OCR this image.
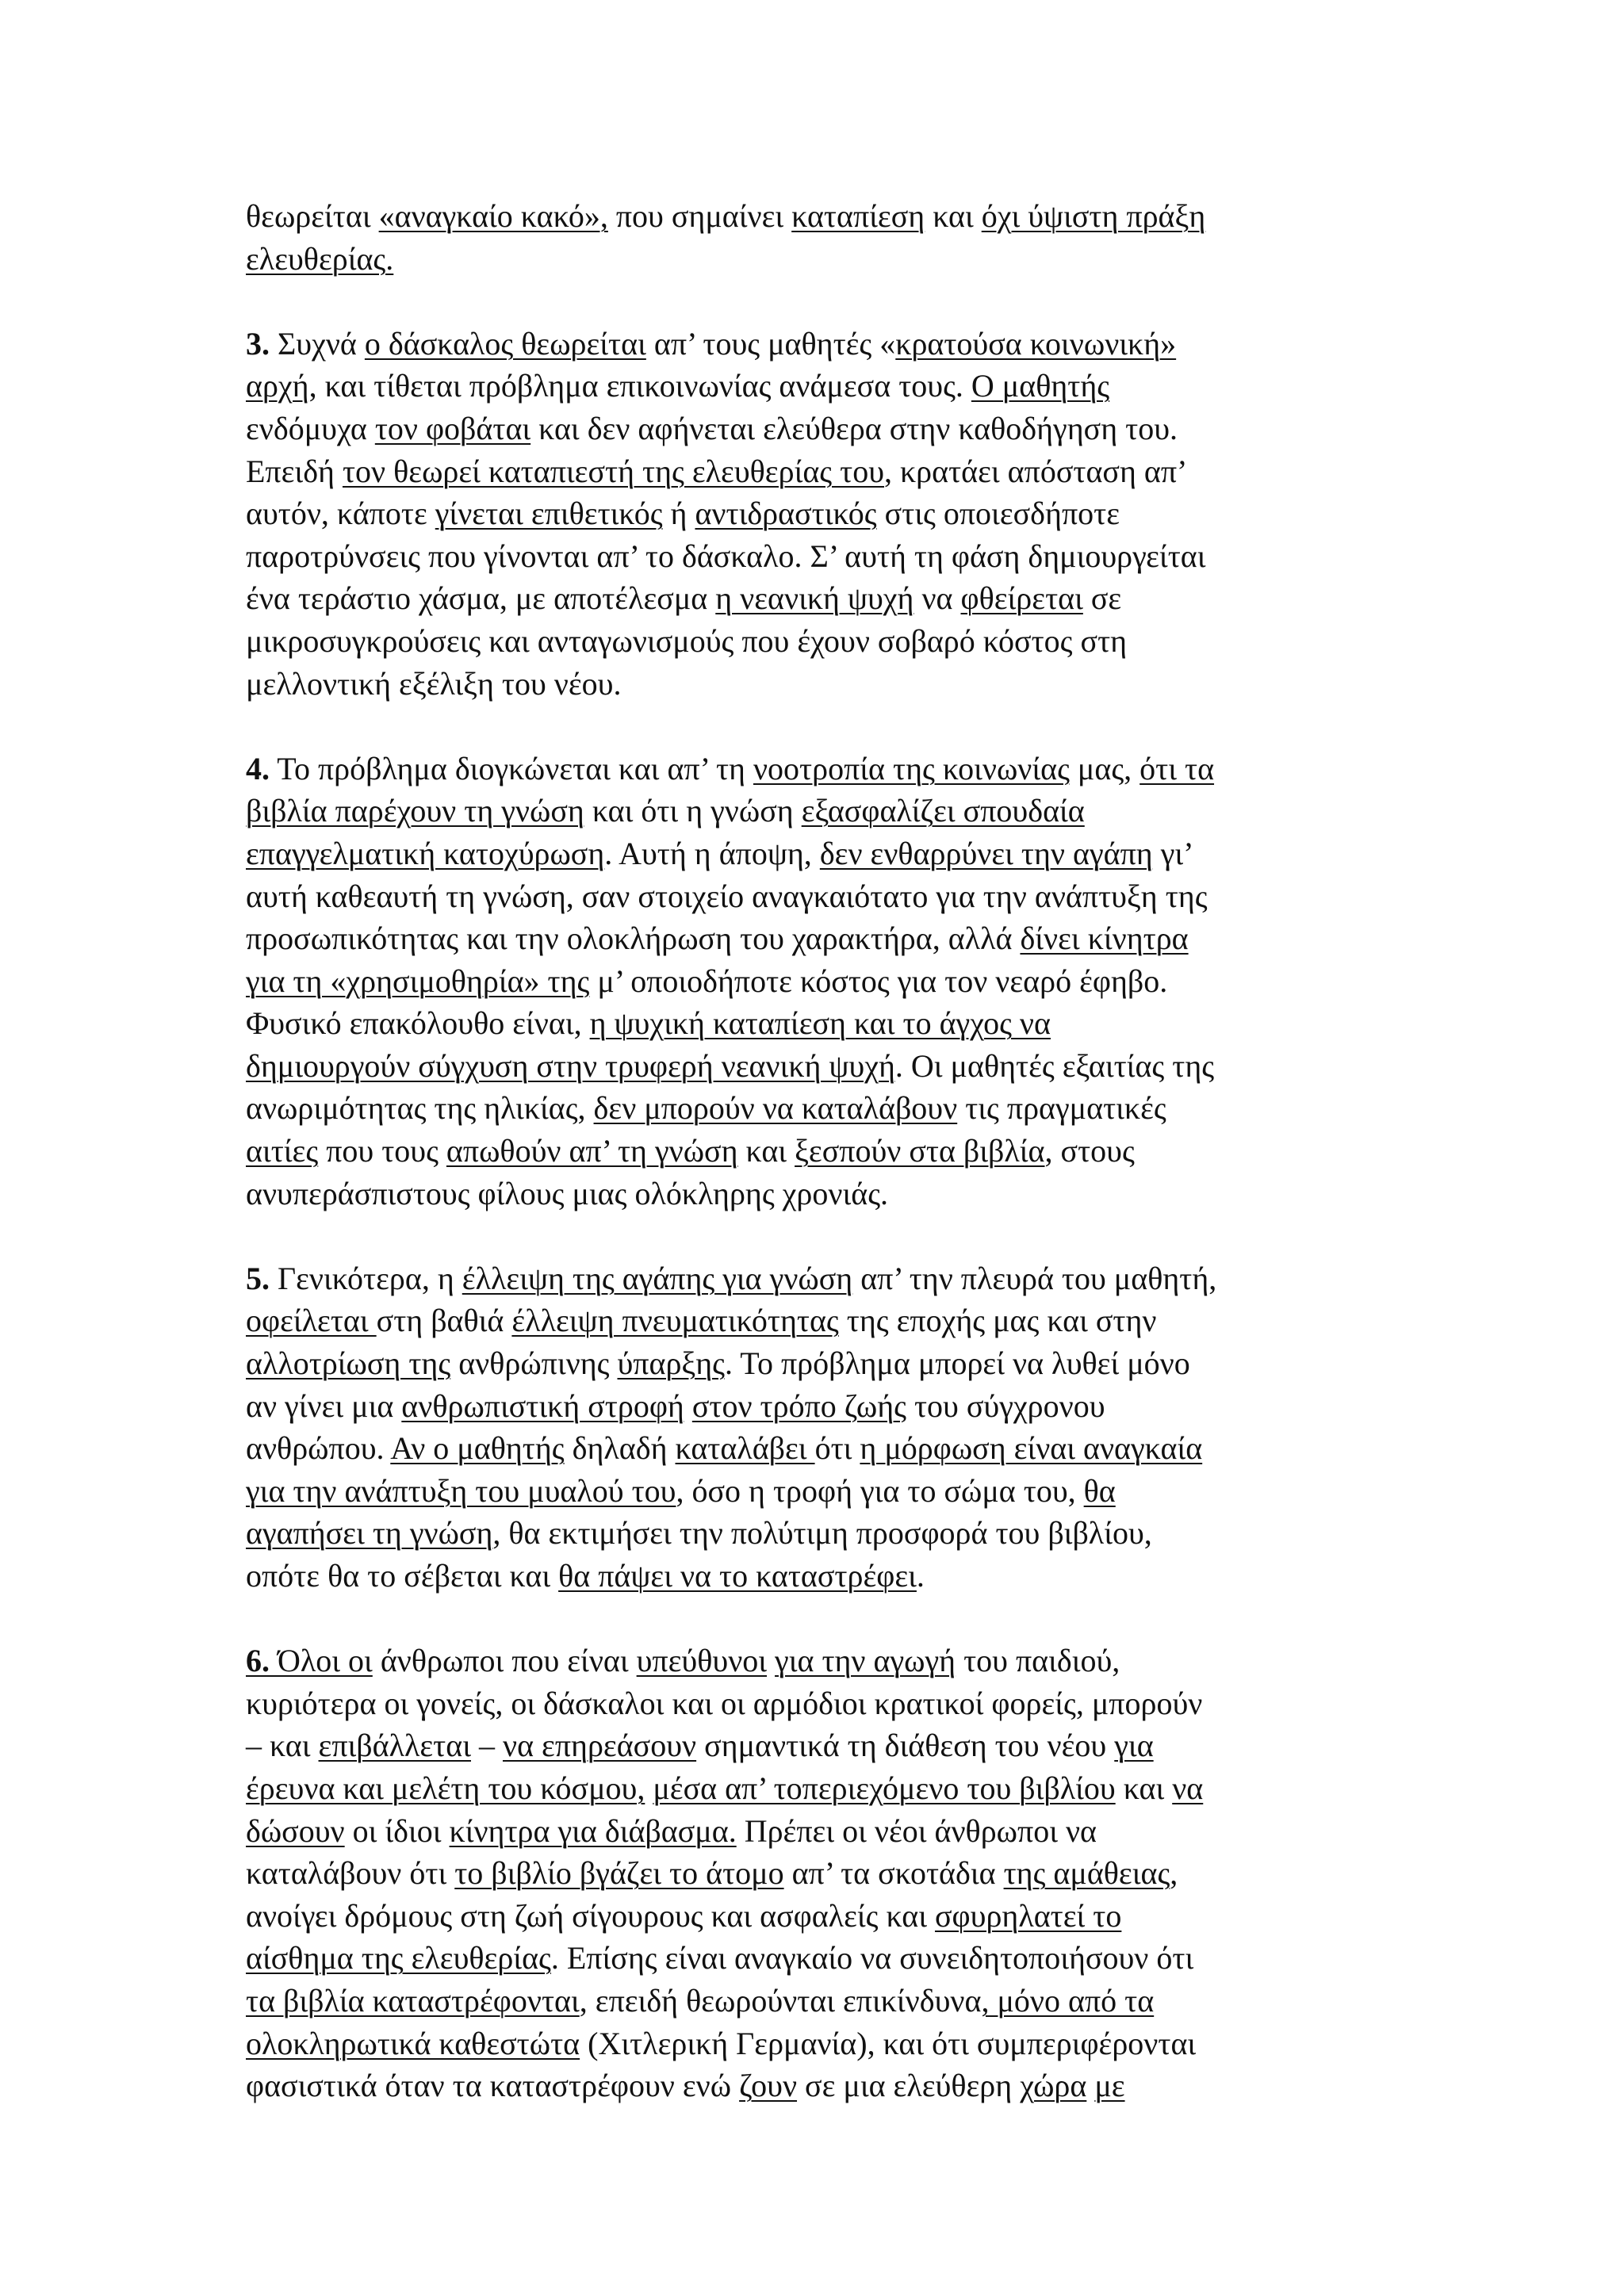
θεωρείται «αναγκαίο κακό», που σημαίνει καταπίεση και όχι ύψιστη πράξη
ελευθερίας.
3. Συχνά ο δάσκαλος θεωρείται απ’ τους μαθητές «κρατούσα κοινωνική»
αρχή, και τίθεται πρόβλημα επικοινωνίας ανάμεσα τους. Ο μαθητής
ενδόμυχα τον φοβάται και δεν αφήνεται ελεύθερα στην καθοδήγηση του.
Επειδή τον θεωρεί καταπιεστή της ελευθερίας του, κρατάει απόσταση απ’
αυτόν, κάποτε γίνεται επιθετικός ή αντιδραστικός στις οποιεσδήποτε
παροτρύνσεις που γίνονται απ’ το δάσκαλο. Σ’ αυτή τη φάση δημιουργείται
ένα τεράστιο χάσμα, με αποτέλεσμα η νεανική ψυχή να φθείρεται σε
μικροσυγκρούσεις και ανταγωνισμούς που έχουν σοβαρό κόστος στη
μελλοντική εξέλιξη του νέου.
4. Το πρόβλημα διογκώνεται και απ’ τη νοοτροπία της κοινωνίας μας, ότι τα
βιβλία παρέχουν τη γνώση και ότι η γνώση εξασφαλίζει σπουδαία
επαγγελματική κατοχύρωση. Αυτή η άποψη, δεν ενθαρρύνει την αγάπη γι’
αυτή καθεαυτή τη γνώση, σαν στοιχείο αναγκαιότατο για την ανάπτυξη της
προσωπικότητας και την ολοκλήρωση του χαρακτήρα, αλλά δίνει κίνητρα
για τη «χρησιμοθηρία» της μ’ οποιοδήποτε κόστος για τον νεαρό έφηβο.
Φυσικό επακόλουθο είναι, η ψυχική καταπίεση και το άγχος να
δημιουργούν σύγχυση στην τρυφερή νεανική ψυχή. Οι μαθητές εξαιτίας της
ανωριμότητας της ηλικίας, δεν μπορούν να καταλάβουν τις πραγματικές
αιτίες που τους απωθούν απ’ τη γνώση και ξεσπούν στα βιβλία, στους
ανυπεράσπιστους φίλους μιας ολόκληρης χρονιάς.
5. Γενικότερα, η έλλειψη της αγάπης για γνώση απ’ την πλευρά του μαθητή,
οφείλεται στη βαθιά έλλειψη πνευματικότητας της εποχής μας και στην
αλλοτρίωση της ανθρώπινης ύπαρξης. Το πρόβλημα μπορεί να λυθεί μόνο
αν γίνει μια ανθρωπιστική στροφή στον τρόπο ζωής του σύγχρονου
ανθρώπου. Αν ο μαθητής δηλαδή καταλάβει ότι η μόρφωση είναι αναγκαία
για την ανάπτυξη του μυαλού του, όσο η τροφή για το σώμα του, θα
αγαπήσει τη γνώση, θα εκτιμήσει την πολύτιμη προσφορά του βιβλίου,
οπότε θα το σέβεται και θα πάψει να το καταστρέφει.
6. Όλοι οι άνθρωποι που είναι υπεύθυνοι για την αγωγή του παιδιού,
κυριότερα οι γονείς, οι δάσκαλοι και οι αρμόδιοι κρατικοί φορείς, μπορούν
– και επιβάλλεται – να επηρεάσουν σημαντικά τη διάθεση του νέου για
έρευνα και μελέτη του κόσμου, μέσα απ’ τοπεριεχόμενο του βιβλίου και να
δώσουν οι ίδιοι κίνητρα για διάβασμα. Πρέπει οι νέοι άνθρωποι να
καταλάβουν ότι το βιβλίο βγάζει το άτομο απ’ τα σκοτάδια της αμάθειας,
ανοίγει δρόμους στη ζωή σίγουρους και ασφαλείς και σφυρηλατεί το
αίσθημα της ελευθερίας. Επίσης είναι αναγκαίο να συνειδητοποιήσουν ότι
τα βιβλία καταστρέφονται, επειδή θεωρούνται επικίνδυνα, μόνο από τα
ολοκληρωτικά καθεστώτα (Χιτλερική Γερμανία), και ότι συμπεριφέρονται
φασιστικά όταν τα καταστρέφουν ενώ ζουν σε μια ελεύθερη χώρα με
